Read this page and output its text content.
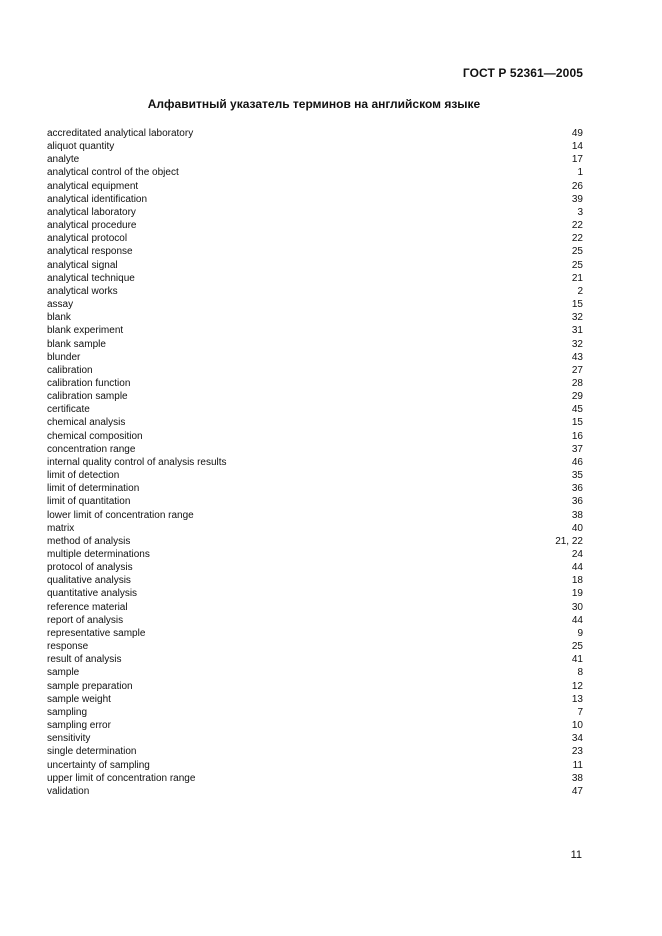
ГОСТ Р 52361—2005
Алфавитный указатель терминов на английском языке
accreditated analytical laboratory	49
aliquot quantity	14
analyte	17
analytical control of the object	1
analytical equipment	26
analytical identification	39
analytical laboratory	3
analytical procedure	22
analytical protocol	22
analytical response	25
analytical signal	25
analytical technique	21
analytical works	2
assay	15
blank	32
blank experiment	31
blank sample	32
blunder	43
calibration	27
calibration function	28
calibration sample	29
certificate	45
chemical analysis	15
chemical composition	16
concentration range	37
internal quality control of analysis results	46
limit of detection	35
limit of determination	36
limit of quantitation	36
lower limit of concentration range	38
matrix	40
method of analysis	21, 22
multiple determinations	24
protocol of analysis	44
qualitative analysis	18
quantitative analysis	19
reference material	30
report of analysis	44
representative sample	9
response	25
result of analysis	41
sample	8
sample preparation	12
sample weight	13
sampling	7
sampling error	10
sensitivity	34
single determination	23
uncertainty of sampling	11
upper limit of concentration range	38
validation	47
11
